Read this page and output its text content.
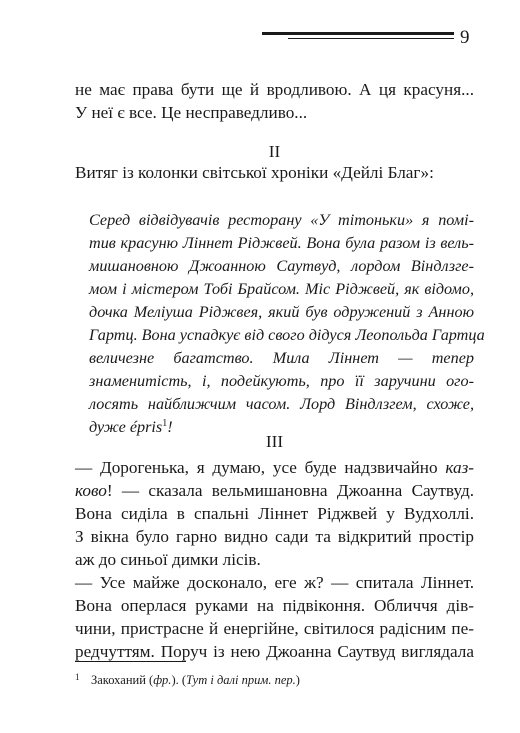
9
не має права бути ще й вродливою. А ця красуня...
У неї є все. Це несправедливо...
II
Витяг із колонки світської хроніки «Дейлі Благ»:
Серед відвідувачів ресторану «У тітоньки» я помі-
тив красуню Ліннет Ріджвей. Вона була разом із вель-
мишановною Джоанною Саутвуд, лордом Віндлзге-
мом і містером Тобі Брайсом. Міс Ріджвей, як відомо,
дочка Меліуша Ріджвея, який був одружений з Анною
Гартц. Вона успадкує від свого дідуся Леопольда Гартца
величезне багатство. Мила Ліннет — тепер
знаменитість, і, подейкують, про її заручини ого-
лосять найближчим часом. Лорд Віндлзгем, схоже,
дуже épris$^1$!
III
— Дорогенька, я думаю, усе буде надзвичайно каз-
ково! — сказала вельмишановна Джоанна Саутвуд.
Вона сиділа в спальні Ліннет Ріджвей у Вудхоллі.
З вікна було гарно видно сади та відкритий простір
аж до синьої димки лісів.
— Усе майже досконало, еге ж? — спитала Ліннет.
Вона оперлася руками на підвіконня. Обличчя дів-
чини, пристрасне й енергійне, світилося радісним пе-
редчуттям. Поруч із нею Джоанна Саутвуд виглядала
1 Закоханий (фр.). (Тут і далі прим. пер.)
